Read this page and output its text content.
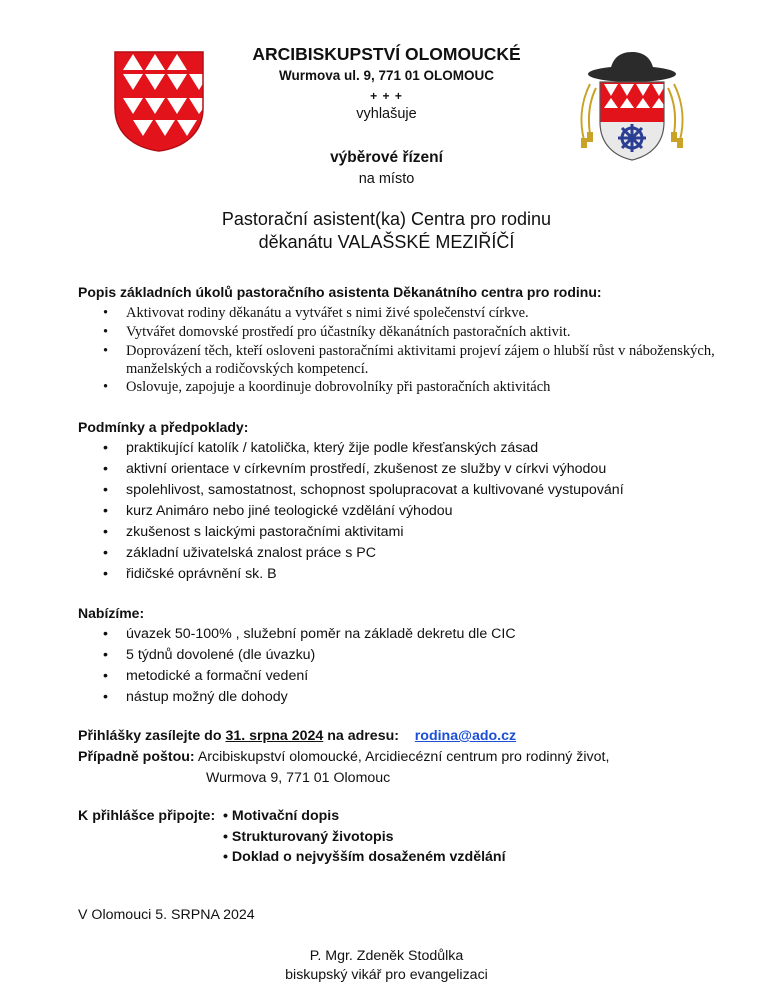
ARCIBISKUPSTVÍ OLOMOUCKÉ
Wurmova ul. 9, 771 01 OLOMOUC
+ + +
vyhlašuje
výběrové řízení
na místo
Pastorační asistent(ka) Centra pro rodinu
děkanátu VALAŠSKÉ MEZIŘÍČÍ
Popis základních úkolů pastoračního asistenta Děkanátního centra pro rodinu:
• Aktivovat rodiny děkanátu a vytvářet s nimi živé společenství církve.
• Vytvářet domovské prostředí pro účastníky děkanátních pastoračních aktivit.
• Doprovázení těch, kteří osloveni pastoračními aktivitami projeví zájem o hlubší růst v náboženských, manželských a rodičovských kompetencí.
• Oslovuje, zapojuje a koordinuje dobrovolníky při pastoračních aktivitách
Podmínky a předpoklady:
• praktikující katolík / katolička, který žije podle křesťanských zásad
• aktivní orientace v církevním prostředí, zkušenost ze služby v církvi výhodou
• spolehlivost, samostatnost, schopnost spolupracovat a kultivované vystupování
• kurz Animáro nebo jiné teologické vzdělání výhodou
• zkušenost s laickými pastoračními aktivitami
• základní uživatelská znalost práce s PC
• řidičské oprávnění sk. B
Nabízíme:
• úvazek 50-100% , služební poměr na základě dekretu dle CIC
• 5 týdnů dovolené (dle úvazku)
• metodické a formační vedení
• nástup možný dle dohody
Přihlášky zasílejte do 31. srpna 2024 na adresu: rodina@ado.cz
Případně poštou: Arcibiskupství olomoucké, Arcidiecézní centrum pro rodinný život,
Wurmova 9, 771 01 Olomouc
K přihlášce připojte: • Motivační dopis
• Strukturovaný životopis
• Doklad o nejvyšším dosaženém vzdělání
V Olomouci 5. SRPNA 2024
P. Mgr. Zdeněk Stodůlka
biskupský vikář pro evangelizaci
